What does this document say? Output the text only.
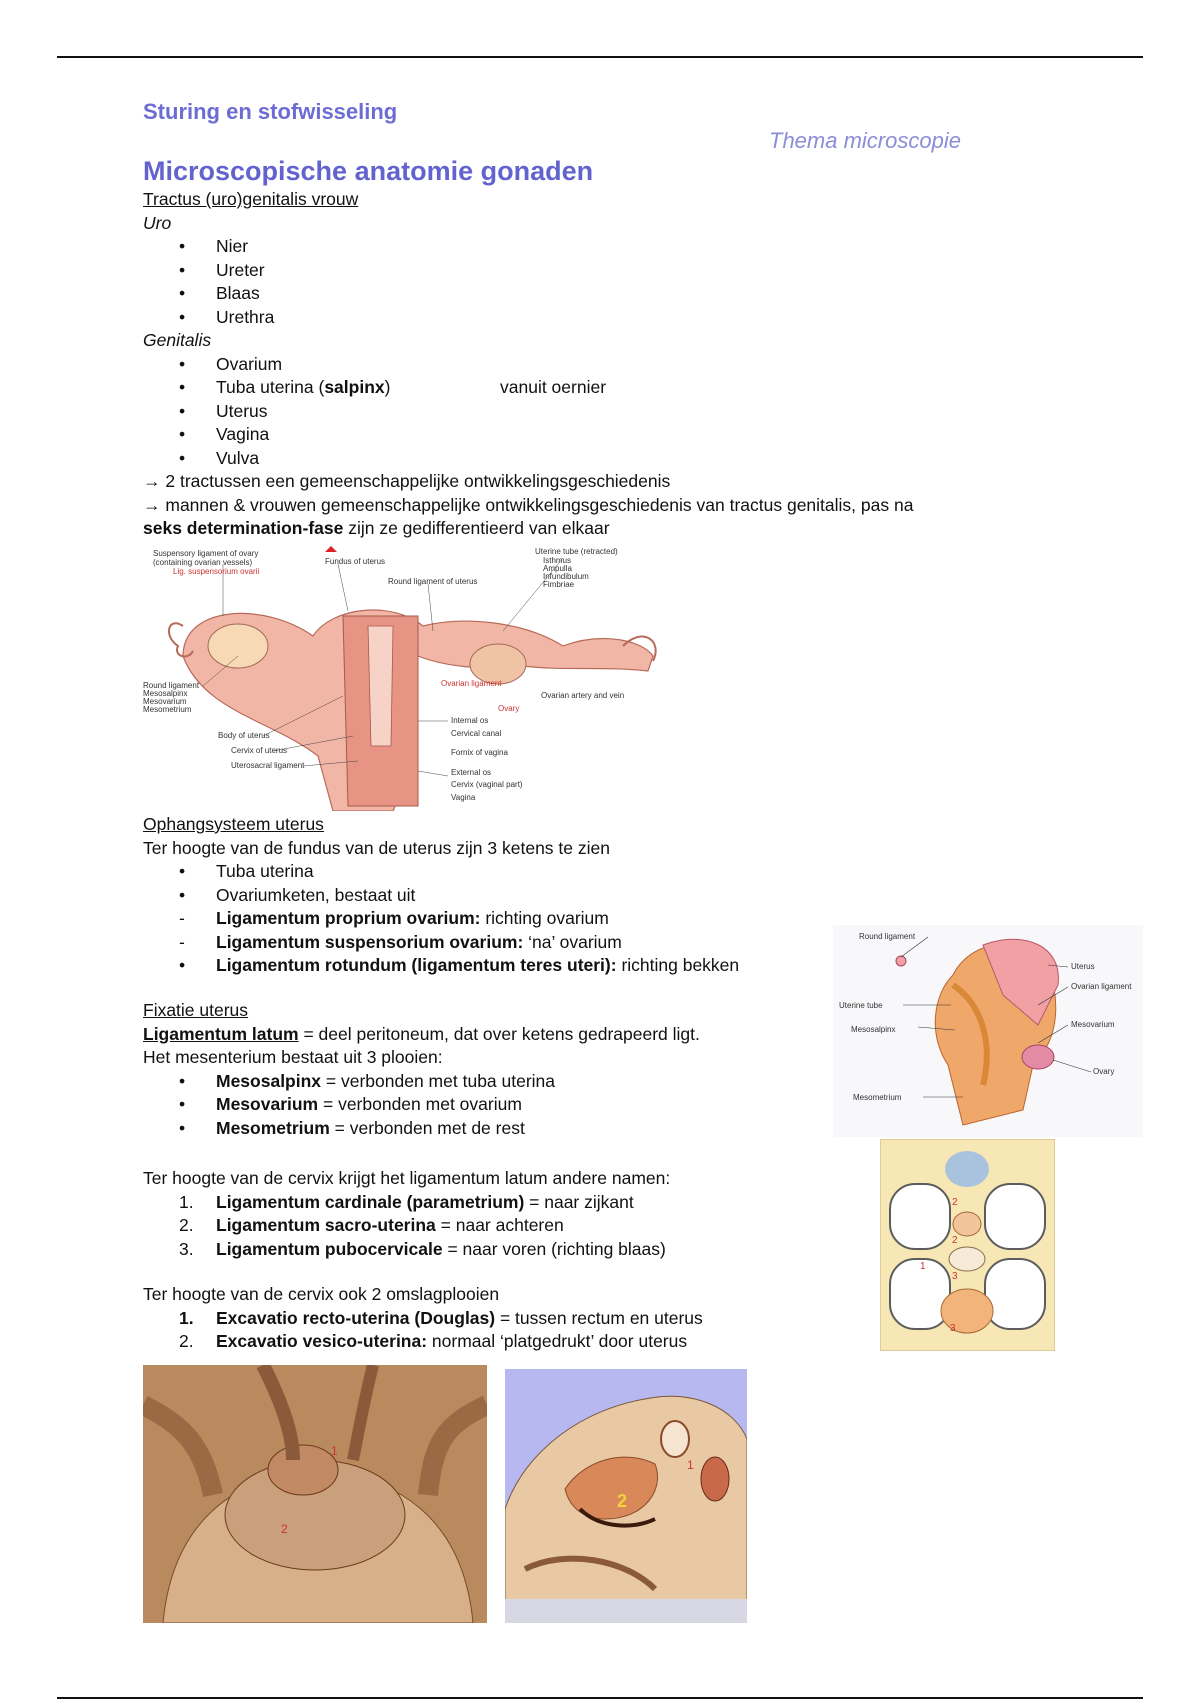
Sturing en stofwisseling
Thema microscopie
Microscopische anatomie gonaden
Tractus (uro)genitalis vrouw
Uro
•
Nier
•
Ureter
•
Blaas
•
Urethra
Genitalis
•
Ovarium
•
Tuba uterina (salpinx)	vanuit oernier
•
Uterus
•
Vagina
•
Vulva
→ 2 tractussen een gemeenschappelijke ontwikkelingsgeschiedenis
→ mannen & vrouwen gemeenschappelijke ontwikkelingsgeschiedenis van tractus genitalis, pas na
seks determination-fase zijn ze gedifferentieerd van elkaar
Suspensory ligament of ovary
(containing ovarian vessels)
Lig. suspensorium ovarii
Fundus of uterus
Round ligament of uterus
Uterine tube (retracted)
Isthmus
Ampulla
Infundibulum
Fimbriae
Round ligament
Mesosalpinx
Mesovarium
Mesometrium
Ovarian ligament
Ovary
Ovarian artery and vein
Body of uterus
Cervix of uterus
Uterosacral ligament
Internal os
Cervical canal
Fornix of vagina
External os
Cervix (vaginal part)
Vagina
Ophangsysteem uterus
Ter hoogte van de fundus van de uterus zijn 3 ketens te zien
•
Tuba uterina
•
Ovariumketen, bestaat uit
-
Ligamentum proprium ovarium: richting ovarium
-
Ligamentum suspensorium ovarium: ‘na’ ovarium
•
Ligamentum rotundum (ligamentum teres uteri): richting bekken
Round ligament
Uterus
Ovarian ligament
Uterine tube
Mesovarium
Mesosalpinx
Ovary
Mesometrium
Fixatie uterus
Ligamentum latum = deel peritoneum, dat over ketens gedrapeerd ligt.
Het mesenterium bestaat uit 3 plooien:
•
Mesosalpinx = verbonden met tuba uterina
•
Mesovarium = verbonden met ovarium
•
Mesometrium = verbonden met de rest
2
2
1
3
3
Ter hoogte van de cervix krijgt het ligamentum latum andere namen:
1.	Ligamentum cardinale (parametrium) = naar zijkant
2.	Ligamentum sacro-uterina = naar achteren
3.	Ligamentum pubocervicale = naar voren (richting blaas)
Ter hoogte van de cervix ook 2 omslagplooien
1.	Excavatio recto-uterina (Douglas) = tussen rectum en uterus
2.	Excavatio vesico-uterina: normaal ‘platgedrukt’ door uterus
1
2
1
2
